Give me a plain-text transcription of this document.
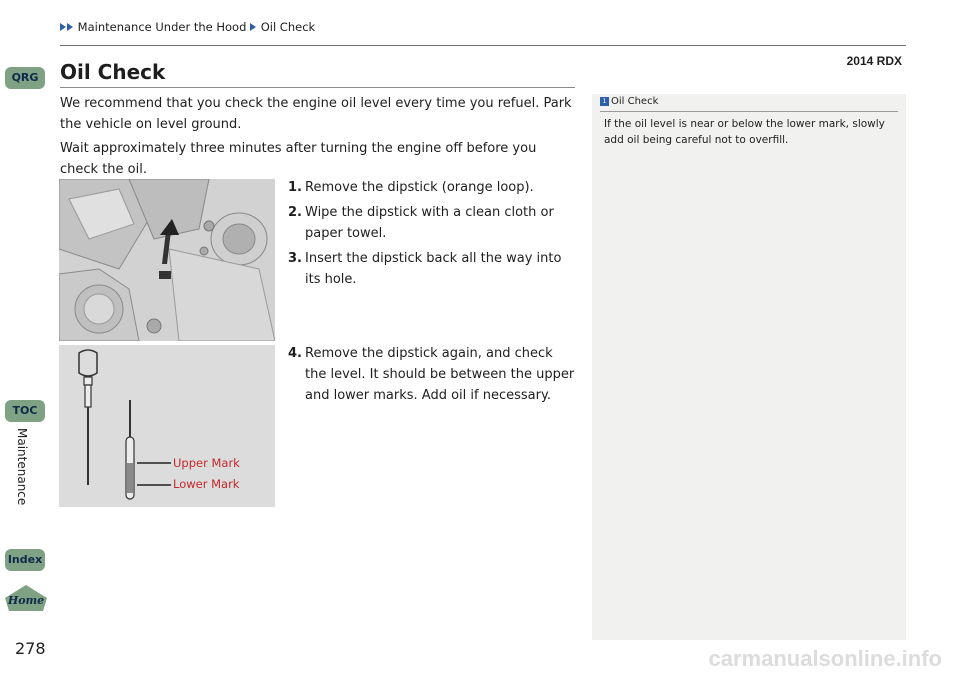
Maintenance Under the Hood Oil Check
2014 RDX
QRG
TOC
Maintenance
Index
Home
278
Oil Check
We recommend that you check the engine oil level every time you refuel. Park the vehicle on level ground.
Wait approximately three minutes after turning the engine off before you check the oil.
Upper Mark
Lower Mark
1. Remove the dipstick (orange loop).
2. Wipe the dipstick with a clean cloth or paper towel.
3. Insert the dipstick back all the way into its hole.
4. Remove the dipstick again, and check the level. It should be between the upper and lower marks. Add oil if necessary.
1 Oil Check
If the oil level is near or below the lower mark, slowly add oil being careful not to overfill.
carmanualsonline.info
